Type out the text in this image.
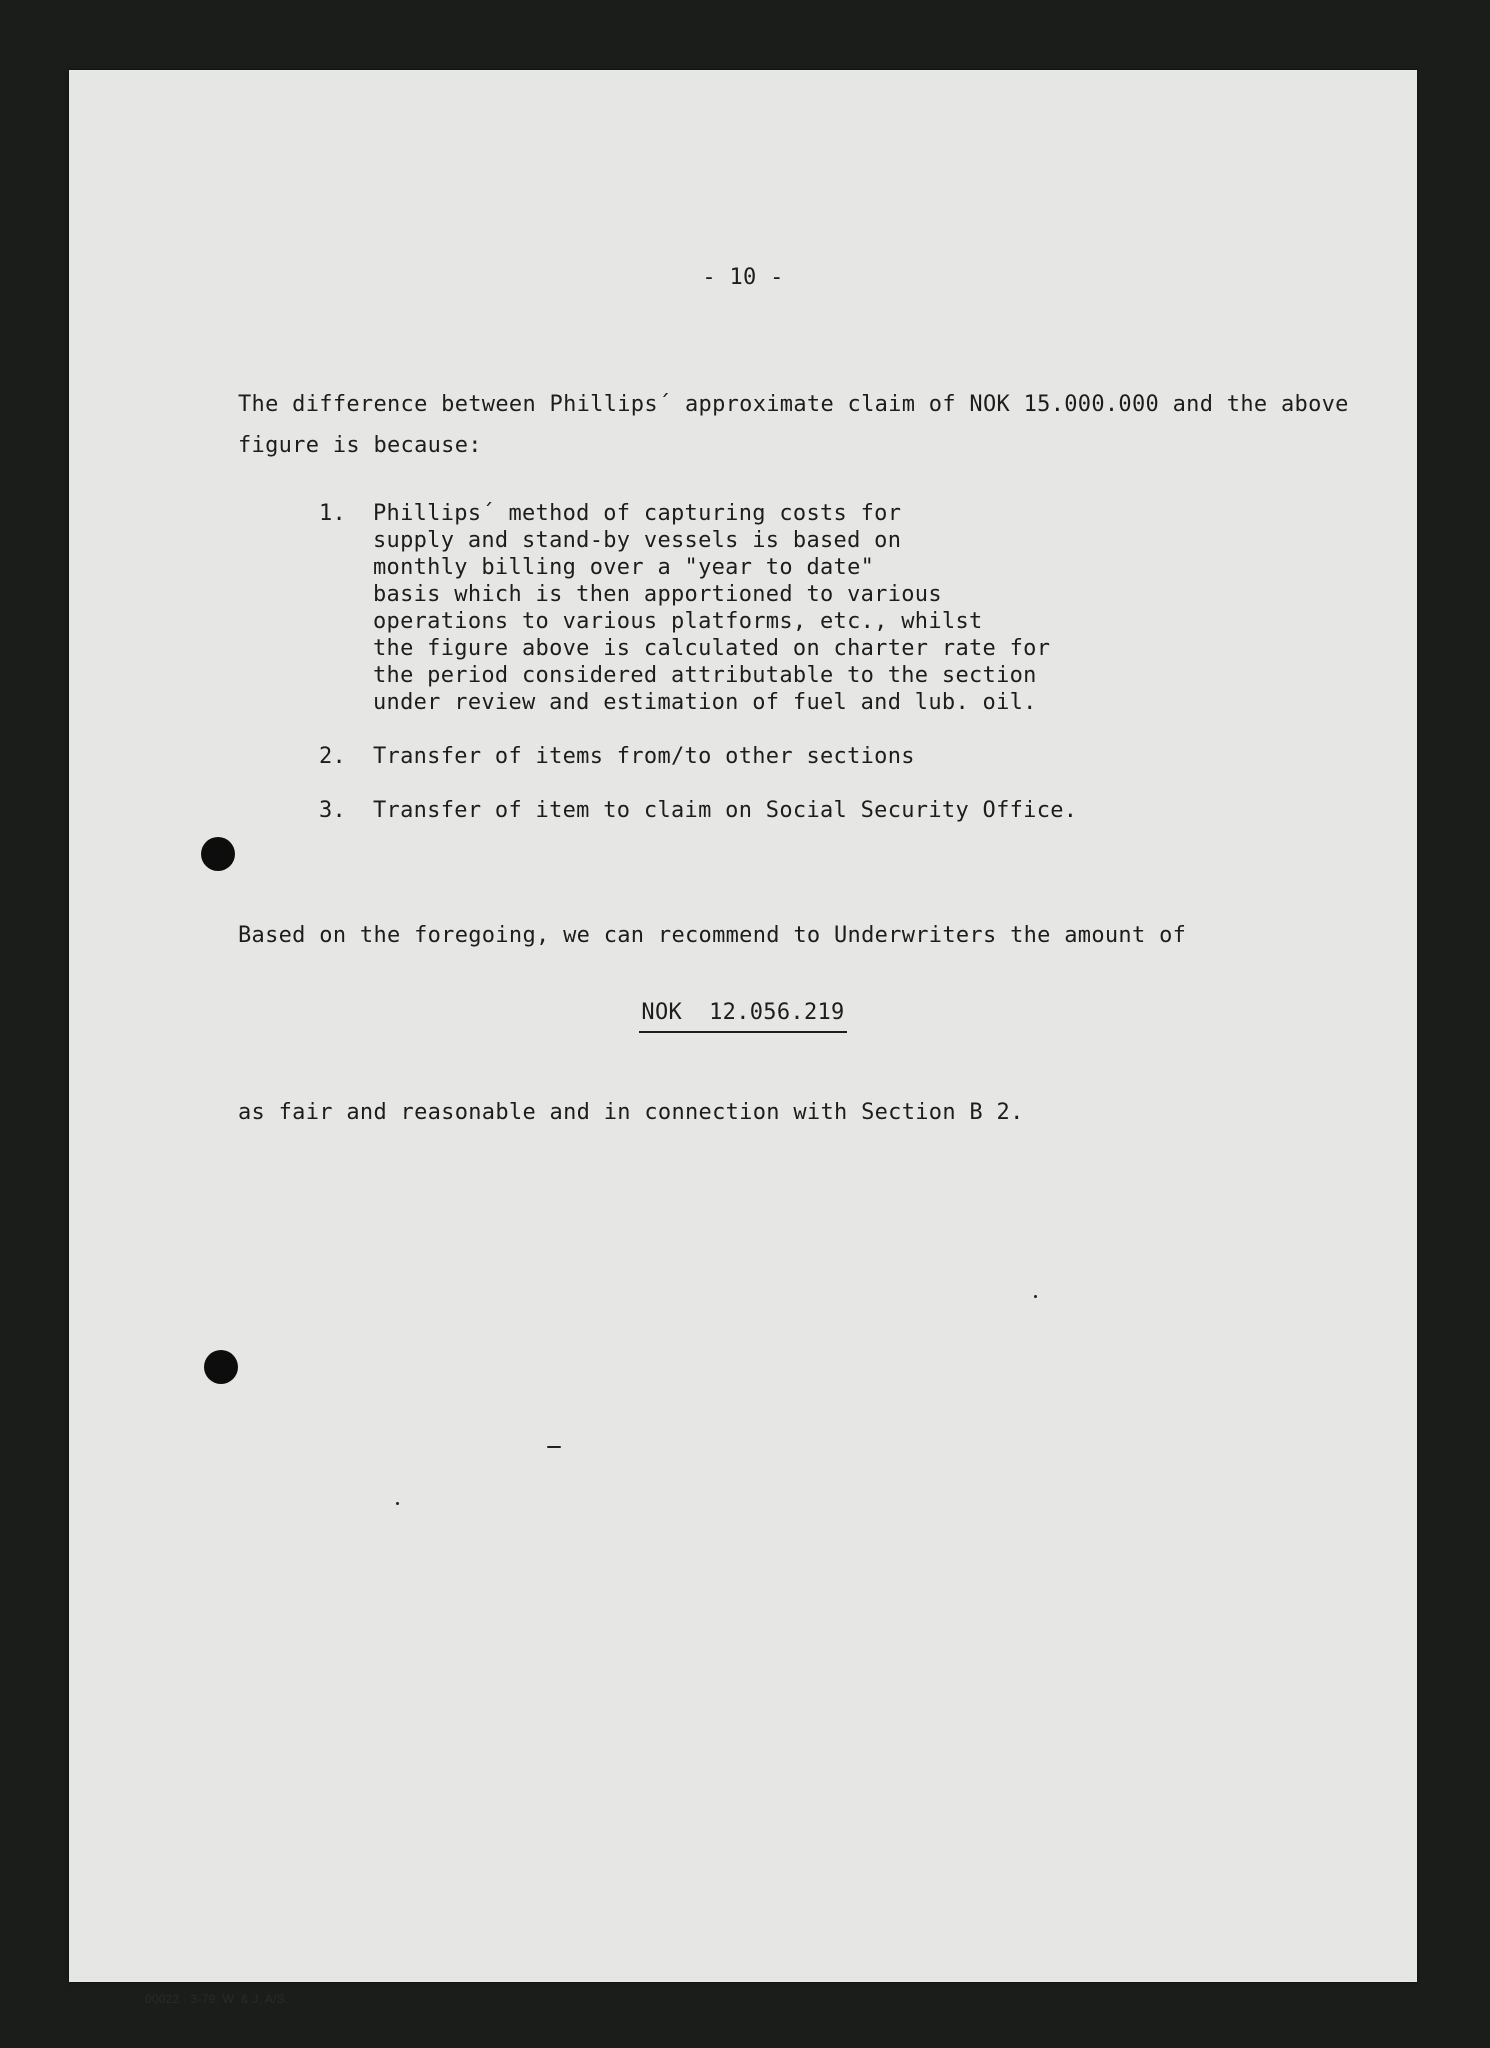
- 10 -

The difference between Phillips´ approximate claim of NOK 15.000.000 and the above figure is because:

1. Phillips´ method of capturing costs for
supply and stand-by vessels is based on
monthly billing over a "year to date"
basis which is then apportioned to various
operations to various platforms, etc., whilst
the figure above is calculated on charter rate for
the period considered attributable to the section
under review and estimation of fuel and lub. oil.
2. Transfer of items from/to other sections
3. Transfer of item to claim on Social Security Office.

Based on the foregoing, we can recommend to Underwriters the amount of

NOK  12.056.219

as fair and reasonable and in connection with Section B 2.

00022 · 3-79. W. & J. A/S.
